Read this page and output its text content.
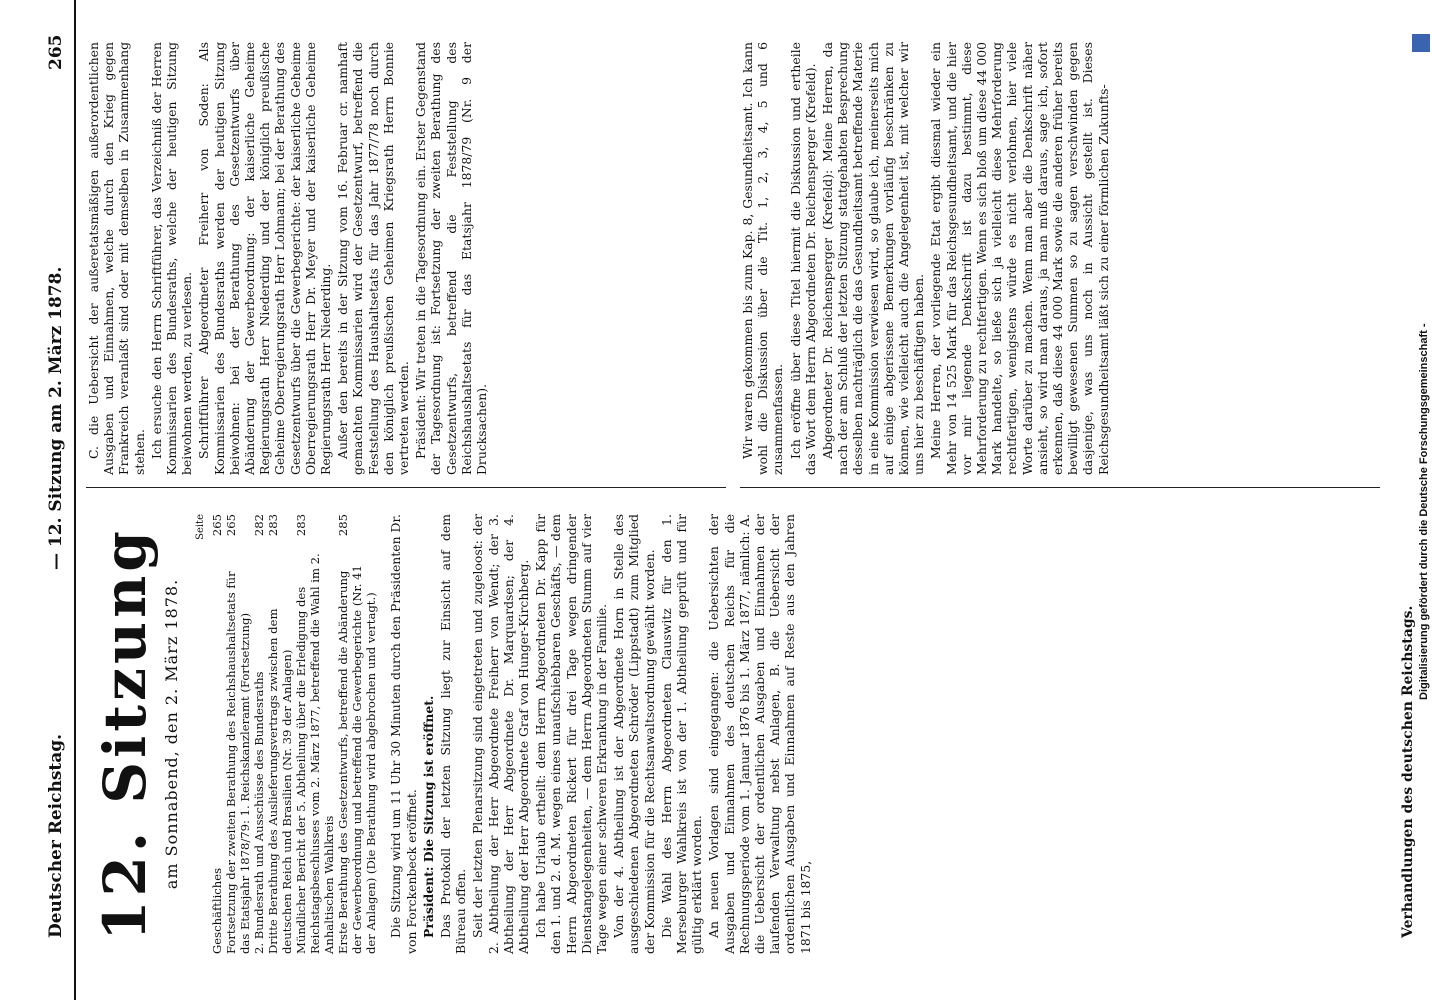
Deutscher Reichstag.
— 12. Sitzung am 2. März 1878.
265
12. Sitzung am Sonnabend, den 2. März 1878.
Seite
Geschäftliches
265
Fortsetzung der zweiten Berathung des Reichshaushaltsetats für das Etatsjahr 1878/79: 1. Reichskanzleramt (Fortsetzung)
265
2. Bundesrath und Ausschüsse des Bundesraths
282
Dritte Berathung des Auslieferungsvertrags zwischen dem deutschen Reich und Brasilien (Nr. 39 der Anlagen)
283
Mündlicher Bericht der 5. Abtheilung über die Erledigung des Reichstagsbeschlusses vom 2. März 1877, betreffend die Wahl im 2. Anhaltischen Wahlkreis
283
Erste Berathung des Gesetzentwurfs, betreffend die Abänderung der Gewerbeordnung und betreffend die Gewerbegerichte (Nr. 41 der Anlagen) (Die Berathung wird abgebrochen und vertagt.)
285	Die Sitzung wird um 11 Uhr 30 Minuten durch den Präsidenten Dr. von Forckenbeck eröffnet. Präsident: Die Sitzung ist eröffnet. Das Protokoll der letzten Sitzung liegt zur Einsicht auf dem Büreau offen. Seit der letzten Plenarsitzung sind eingetreten und zugeloost: der 2. Abtheilung der Herr Abgeordnete Freiherr von Wendt; der 3. Abtheilung der Herr Abgeordnete Dr. Marquardsen; der 4. Abtheilung der Herr Abgeordnete Graf von Hunger-Kirchberg. Ich habe Urlaub ertheilt: dem Herrn Abgeordneten Dr. Kapp für den 1. und 2. d. M. wegen eines unaufschiebbaren Geschäfts, — dem Herrn Abgeordneten Rickert für drei Tage wegen dringender Dienstangelegenheiten, — dem Herrn Abgeordneten Stumm auf vier Tage wegen einer schweren Erkrankung in der Familie. Von der 4. Abtheilung ist der Abgeordnete Horn in Stelle des ausgeschiedenen Abgeordneten Schröder (Lippstadt) zum Mitglied der Kommission für die Rechtsanwaltsordnung gewählt worden. Die Wahl des Herrn Abgeordneten Clauswitz für den 1. Merseburger Wahlkreis ist von der 1. Abtheilung geprüft und für gültig erklärt worden. An neuen Vorlagen sind eingegangen: die Uebersichten der Ausgaben und Einnahmen des deutschen Reichs für die Rechnungsperiode vom 1. Januar 1876 bis 1. März 1877, nämlich: A. die Uebersicht der ordentlichen Ausgaben und Einnahmen der laufenden Verwaltung nebst Anlagen, B. die Uebersicht der ordentlichen Ausgaben und Einnahmen auf Reste aus den Jahren 1871 bis 1875,

C. die Uebersicht der außeretatsmäßigen außerordentlichen Ausgaben und Einnahmen, welche durch den Krieg gegen Frankreich veranlaßt sind oder mit demselben in Zusammenhang stehen. Ich ersuche den Herrn Schriftführer, das Verzeichniß der Herren Kommissarien des Bundesraths, welche der heutigen Sitzung beiwohnen werden, zu verlesen. Schriftführer Abgeordneter Freiherr von Soden: Als Kommissarien des Bundesraths werden der heutigen Sitzung beiwohnen: bei der Berathung des Gesetzentwurfs über Abänderung der Gewerbeordnung: der kaiserliche Geheime Regierungsrath Herr Niederding und der königlich preußische Geheime Oberregierungsrath Herr Lohmann; bei der Berathung des Gesetzentwurfs über die Gewerbegerichte: der kaiserliche Geheime Oberregierungsrath Herr Dr. Meyer und der kaiserliche Geheime Regierungsrath Herr Niederding. Außer den bereits in der Sitzung vom 16. Februar cr. namhaft gemachten Kommissarien wird der Gesetzentwurf, betreffend die Feststellung des Haushaltsetats für das Jahr 1877/78 noch durch den königlich preußischen Geheimen Kriegsrath Herrn Bonnie vertreten werden. Präsident: Wir treten in die Tagesordnung ein. Erster Gegenstand der Tagesordnung ist: Fortsetzung der zweiten Berathung des Gesetzentwurfs, betreffend die Feststellung des Reichshaushaltsetats für das Etatsjahr 1878/79 (Nr. 9 der Drucksachen).	Wir waren gekommen bis zum Kap. 8, Gesundheitsamt. Ich kann wohl die Diskussion über die Tit. 1, 2, 3, 4, 5 und 6 zusammenfassen. Ich eröffne über diese Titel hiermit die Diskussion und ertheile das Wort dem Herrn Abgeordneten Dr. Reichensperger (Krefeld). Abgeordneter Dr. Reichensperger (Krefeld): Meine Herren, da nach der am Schluß der letzten Sitzung stattgehabten Besprechung desselben nachträglich die das Gesundheitsamt betreffende Materie in eine Kommission verwiesen wird, so glaube ich, meinerseits mich auf einige abgerissene Bemerkungen vorläufig beschränken zu können, wie vielleicht auch die Angelegenheit ist, mit welcher wir uns hier zu beschäftigen haben. Meine Herren, der vorliegende Etat ergibt diesmal wieder ein Mehr von 14 525 Mark für das Reichsgesundheitsamt, und die hier vor mir liegende Denkschrift ist dazu bestimmt, diese Mehrforderung zu rechtfertigen. Wenn es sich bloß um diese 44 000 Mark handelte, so ließe sich ja vielleicht diese Mehrforderung rechtfertigen, wenigstens würde es nicht verlohnen, hier viele Worte darüber zu machen. Wenn man aber die Denkschrift näher ansieht, so wird man daraus, ja man muß daraus, sage ich, sofort erkennen, daß diese 44 000 Mark sowie die anderen früher bereits bewilligt gewesenen Summen so zu sagen verschwinden gegen dasjenige, was uns noch in Aussicht gestellt ist. Dieses Reichsgesundheitsamt läßt sich zu einer förmlichen Zukunfts-

Verhandlungen des deutschen Reichstags.
Digitalisierung gefördert durch die Deutsche Forschungsgemeinschaft -
